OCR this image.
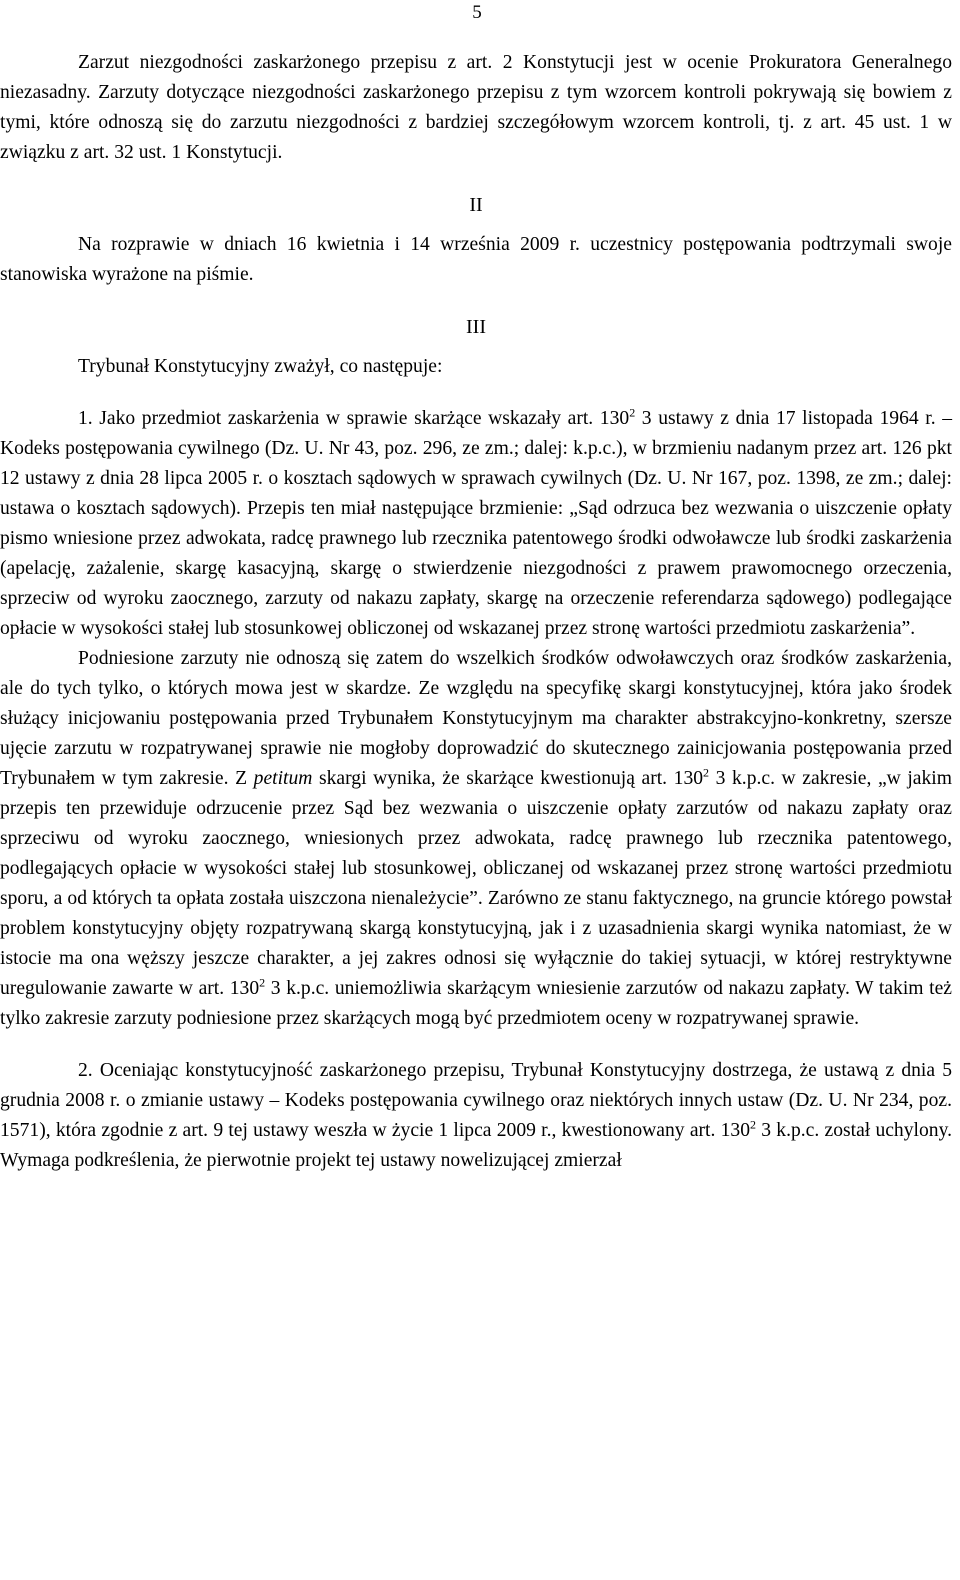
5

Zarzut niezgodności zaskarżonego przepisu z art. 2 Konstytucji jest w ocenie Prokuratora Generalnego niezasadny. Zarzuty dotyczące niezgodności zaskarżonego przepisu z tym wzorcem kontroli pokrywają się bowiem z tymi, które odnoszą się do zarzutu niezgodności z bardziej szczegółowym wzorcem kontroli, tj. z art. 45 ust. 1 w związku z art. 32 ust. 1 Konstytucji.

II

Na rozprawie w dniach 16 kwietnia i 14 września 2009 r. uczestnicy postępowania podtrzymali swoje stanowiska wyrażone na piśmie.

III

Trybunał Konstytucyjny zważył, co następuje:

1. Jako przedmiot zaskarżenia w sprawie skarżące wskazały art. $130^2$ 3 ustawy z dnia 17 listopada 1964 r. – Kodeks postępowania cywilnego (Dz. U. Nr 43, poz. 296, ze zm.; dalej: k.p.c.), w brzmieniu nadanym przez art. 126 pkt 12 ustawy z dnia 28 lipca 2005 r. o kosztach sądowych w sprawach cywilnych (Dz. U. Nr 167, poz. 1398, ze zm.; dalej: ustawa o kosztach sądowych). Przepis ten miał następujące brzmienie: „Sąd odrzuca bez wezwania o uiszczenie opłaty pismo wniesione przez adwokata, radcę prawnego lub rzecznika patentowego środki odwoławcze lub środki zaskarżenia (apelację, zażalenie, skargę kasacyjną, skargę o stwierdzenie niezgodności z prawem prawomocnego orzeczenia, sprzeciw od wyroku zaocznego, zarzuty od nakazu zapłaty, skargę na orzeczenie referendarza sądowego) podlegające opłacie w wysokości stałej lub stosunkowej obliczonej od wskazanej przez stronę wartości przedmiotu zaskarżenia”.

Podniesione zarzuty nie odnoszą się zatem do wszelkich środków odwoławczych oraz środków zaskarżenia, ale do tych tylko, o których mowa jest w skardze. Ze względu na specyfikę skargi konstytucyjnej, która jako środek służący inicjowaniu postępowania przed Trybunałem Konstytucyjnym ma charakter abstrakcyjno-konkretny, szersze ujęcie zarzutu w rozpatrywanej sprawie nie mogłoby doprowadzić do skutecznego zainicjowania postępowania przed Trybunałem w tym zakresie. Z petitum skargi wynika, że skarżące kwestionują art. $130^2$ 3 k.p.c. w zakresie, „w jakim przepis ten przewiduje odrzucenie przez Sąd bez wezwania o uiszczenie opłaty zarzutów od nakazu zapłaty oraz sprzeciwu od wyroku zaocznego, wniesionych przez adwokata, radcę prawnego lub rzecznika patentowego, podlegających opłacie w wysokości stałej lub stosunkowej, obliczanej od wskazanej przez stronę wartości przedmiotu sporu, a od których ta opłata została uiszczona nienależycie”. Zarówno ze stanu faktycznego, na gruncie którego powstał problem konstytucyjny objęty rozpatrywaną skargą konstytucyjną, jak i z uzasadnienia skargi wynika natomiast, że w istocie ma ona węższy jeszcze charakter, a jej zakres odnosi się wyłącznie do takiej sytuacji, w której restryktywne uregulowanie zawarte w art. $130^2$ 3 k.p.c. uniemożliwia skarżącym wniesienie zarzutów od nakazu zapłaty. W takim też tylko zakresie zarzuty podniesione przez skarżących mogą być przedmiotem oceny w rozpatrywanej sprawie.

2. Oceniając konstytucyjność zaskarżonego przepisu, Trybunał Konstytucyjny dostrzega, że ustawą z dnia 5 grudnia 2008 r. o zmianie ustawy – Kodeks postępowania cywilnego oraz niektórych innych ustaw (Dz. U. Nr 234, poz. 1571), która zgodnie z art. 9 tej ustawy weszła w życie 1 lipca 2009 r., kwestionowany art. $130^2$ 3 k.p.c. został uchylony. Wymaga podkreślenia, że pierwotnie projekt tej ustawy nowelizującej zmierzał
